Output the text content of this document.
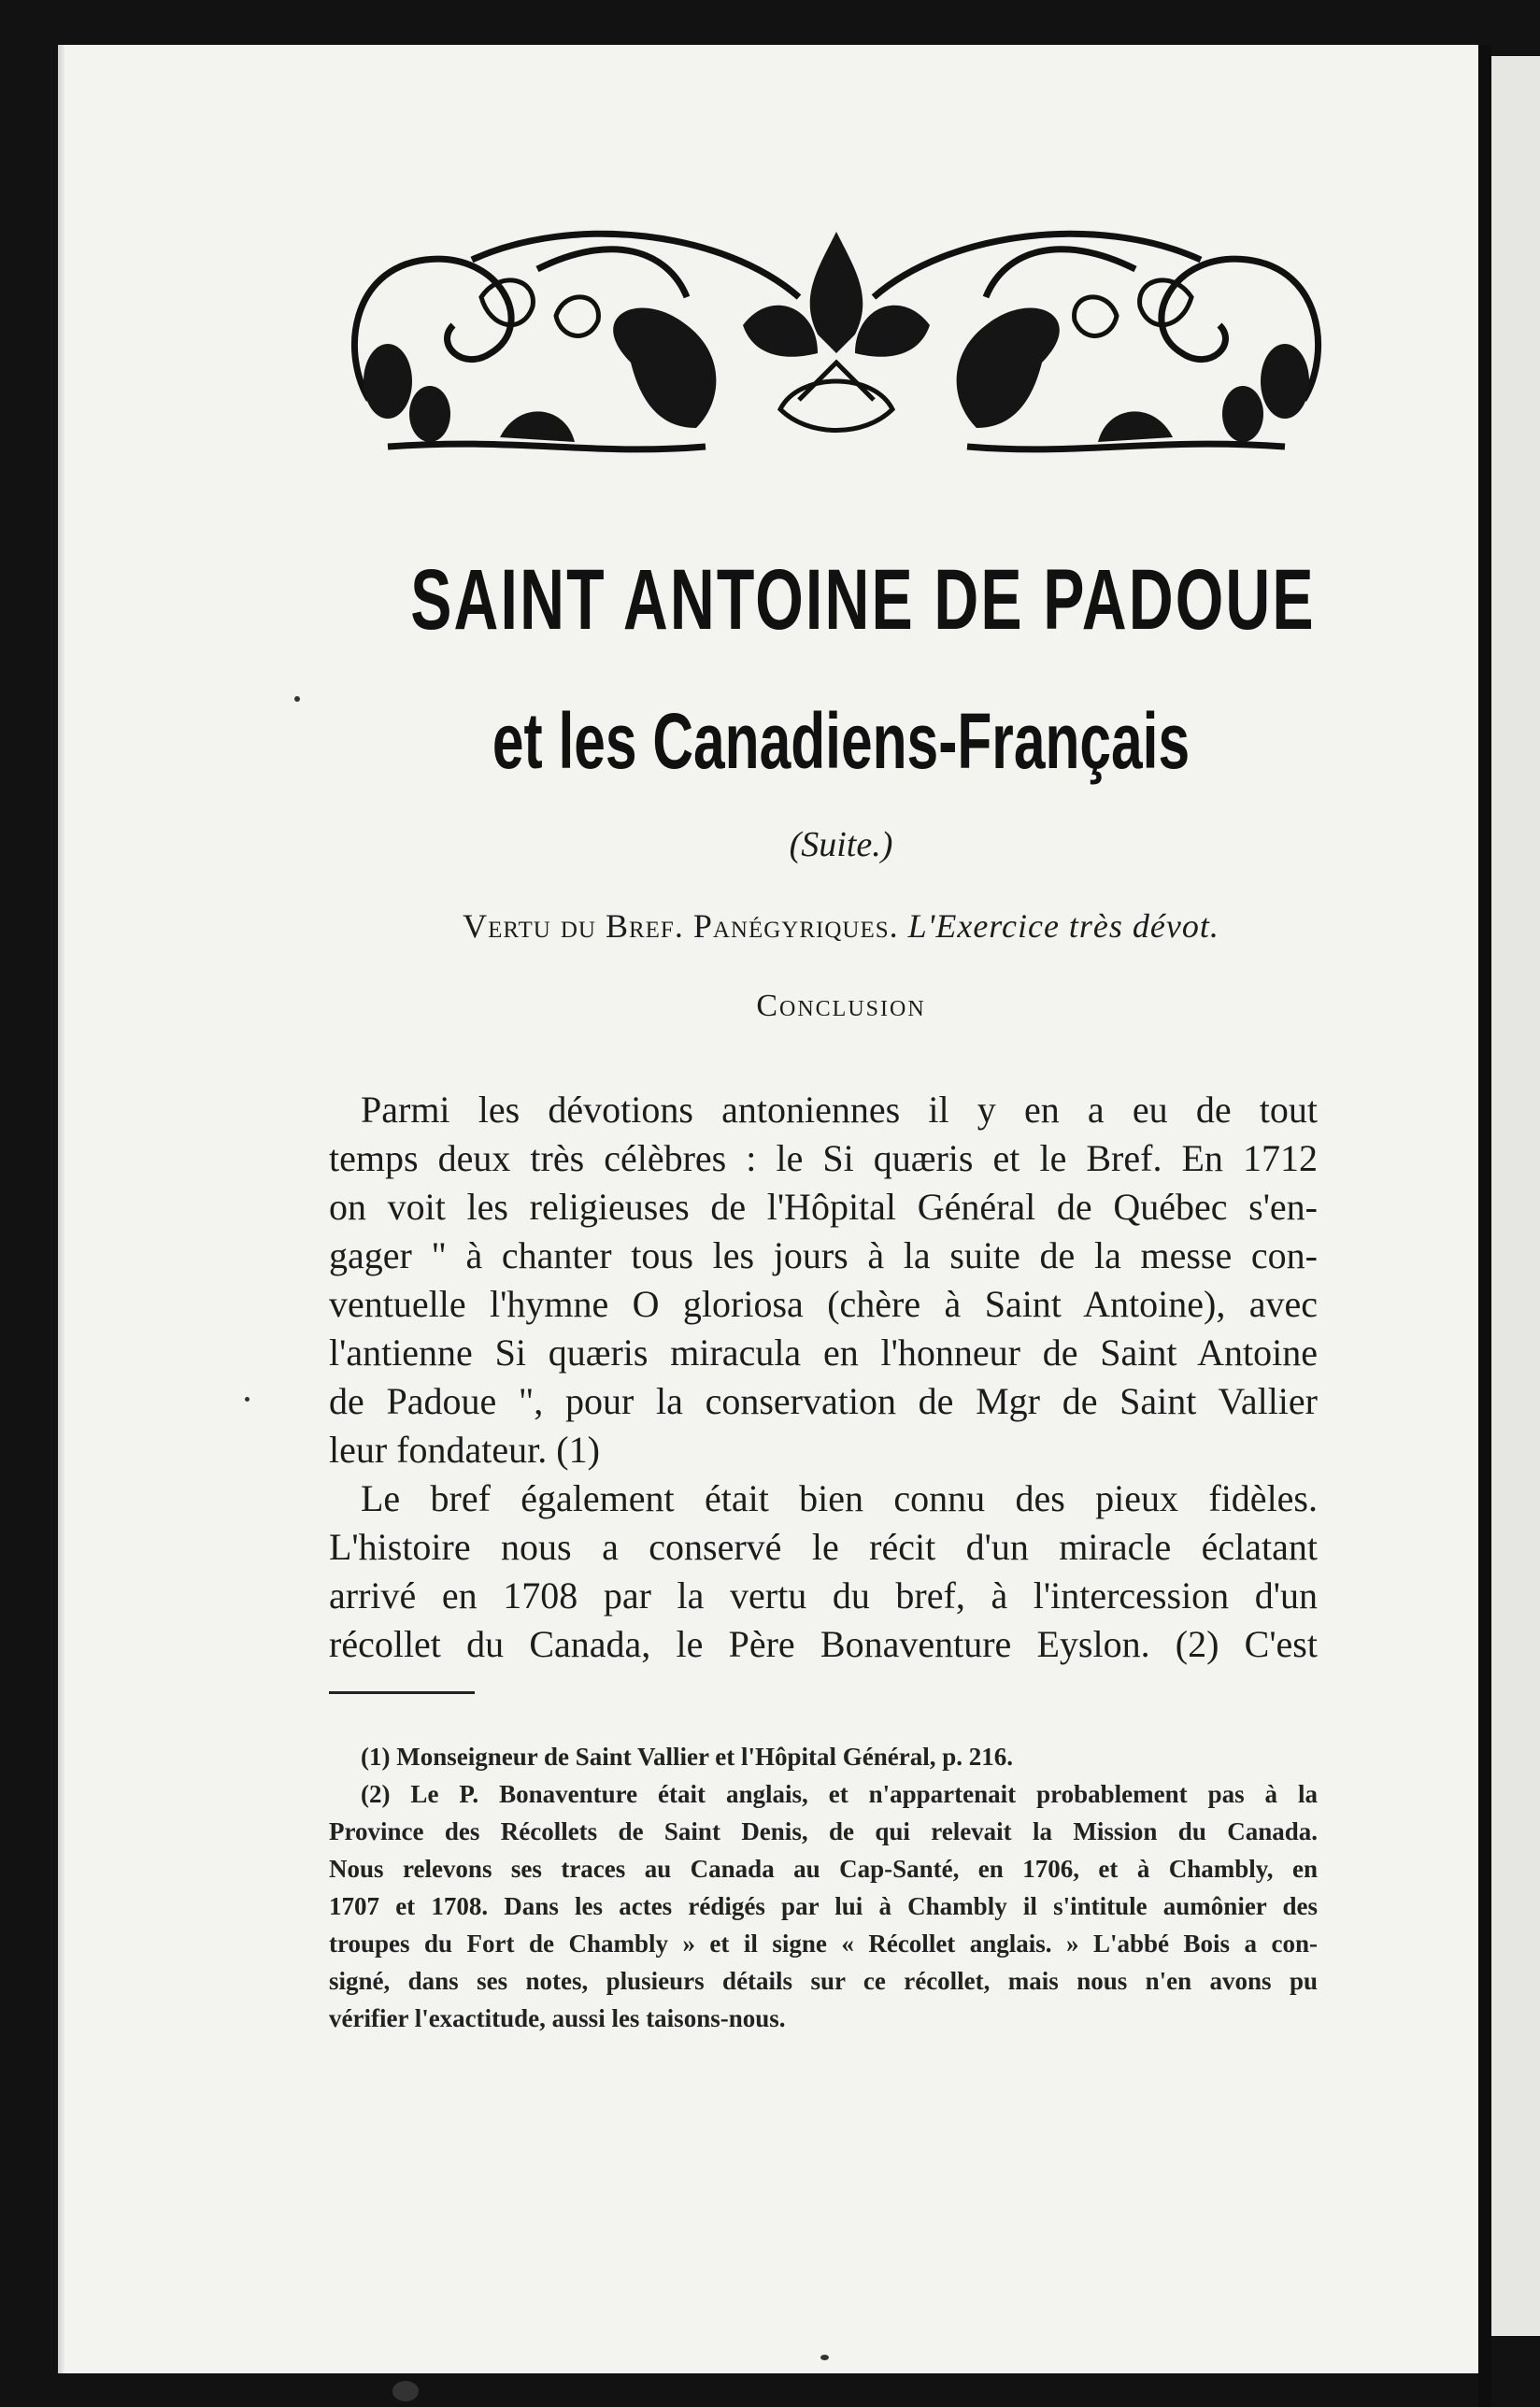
SAINT ANTOINE DE PADOUE
et les Canadiens-Français
(Suite.)
Vertu du Bref. Panégyriques. L'Exercice très dévot.
Conclusion
Parmi les dévotions antoniennes il y en a eu de tout
temps deux très célèbres : le Si quæris et le Bref. En 1712
on voit les religieuses de l'Hôpital Général de Québec s'en-
gager " à chanter tous les jours à la suite de la messe con-
ventuelle l'hymne O gloriosa (chère à Saint Antoine), avec
l'antienne Si quæris miracula en l'honneur de Saint Antoine
de Padoue ", pour la conservation de Mgr de Saint Vallier
leur fondateur. (1)
Le bref également était bien connu des pieux fidèles.
L'histoire nous a conservé le récit d'un miracle éclatant
arrivé en 1708 par la vertu du bref, à l'intercession d'un
récollet du Canada, le Père Bonaventure Eyslon. (2) C'est
(1) Monseigneur de Saint Vallier et l'Hôpital Général, p. 216.
(2) Le P. Bonaventure était anglais, et n'appartenait probablement pas à la
Province des Récollets de Saint Denis, de qui relevait la Mission du Canada.
Nous relevons ses traces au Canada au Cap-Santé, en 1706, et à Chambly, en
1707 et 1708. Dans les actes rédigés par lui à Chambly il s'intitule aumônier des
troupes du Fort de Chambly » et il signe « Récollet anglais. » L'abbé Bois a con-
signé, dans ses notes, plusieurs détails sur ce récollet, mais nous n'en avons pu
vérifier l'exactitude, aussi les taisons-nous.
